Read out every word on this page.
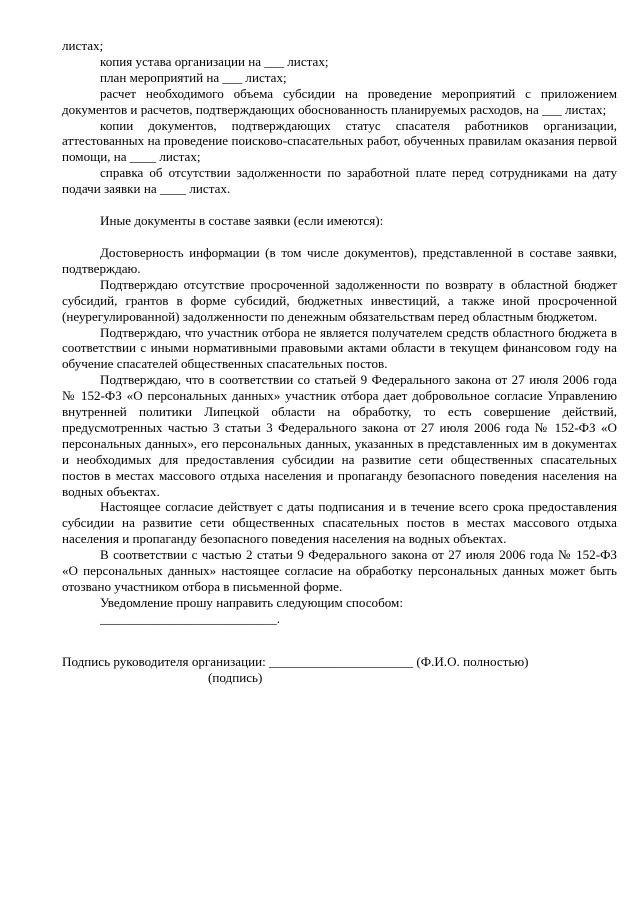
листах;

копия устава организации на ___ листах;

план мероприятий на ___ листах;

расчет необходимого объема субсидии на проведение мероприятий с приложением документов и расчетов, подтверждающих обоснованность планируемых расходов, на ___ листах;

копии документов, подтверждающих статус спасателя работников организации, аттестованных на проведение поисково-спасательных работ, обученных правилам оказания первой помощи, на ____ листах;

справка об отсутствии задолженности по заработной плате перед сотрудниками на дату подачи заявки на ____ листах.

Иные документы в составе заявки (если имеются):

Достоверность информации (в том числе документов), представленной в составе заявки, подтверждаю.

Подтверждаю отсутствие просроченной задолженности по возврату в областной бюджет субсидий, грантов в форме субсидий, бюджетных инвестиций, а также иной просроченной (неурегулированной) задолженности по денежным обязательствам перед областным бюджетом.

Подтверждаю, что участник отбора не является получателем средств областного бюджета в соответствии с иными нормативными правовыми актами области в текущем финансовом году на обучение спасателей общественных спасательных постов.

Подтверждаю, что в соответствии со статьей 9 Федерального закона от 27 июля 2006 года № 152-ФЗ «О персональных данных» участник отбора дает добровольное согласие Управлению внутренней политики Липецкой области на обработку, то есть совершение действий, предусмотренных частью 3 статьи 3 Федерального закона от 27 июля 2006 года № 152-ФЗ «О персональных данных», его персональных данных, указанных в представленных им в документах и необходимых для предоставления субсидии на развитие сети общественных спасательных постов в местах массового отдыха населения и пропаганду безопасного поведения населения на водных объектах.

Настоящее согласие действует с даты подписания и в течение всего срока предоставления субсидии на развитие сети общественных спасательных постов в местах массового отдыха населения и пропаганду безопасного поведения населения на водных объектах.

В соответствии с частью 2 статьи 9 Федерального закона от 27 июля 2006 года № 152-ФЗ «О персональных данных» настоящее согласие на обработку персональных данных может быть отозвано участником отбора в письменной форме.

Уведомление прошу направить следующим способом:

___________________________.

Подпись руководителя организации: ______________________ (Ф.И.О. полностью)

(подпись)
